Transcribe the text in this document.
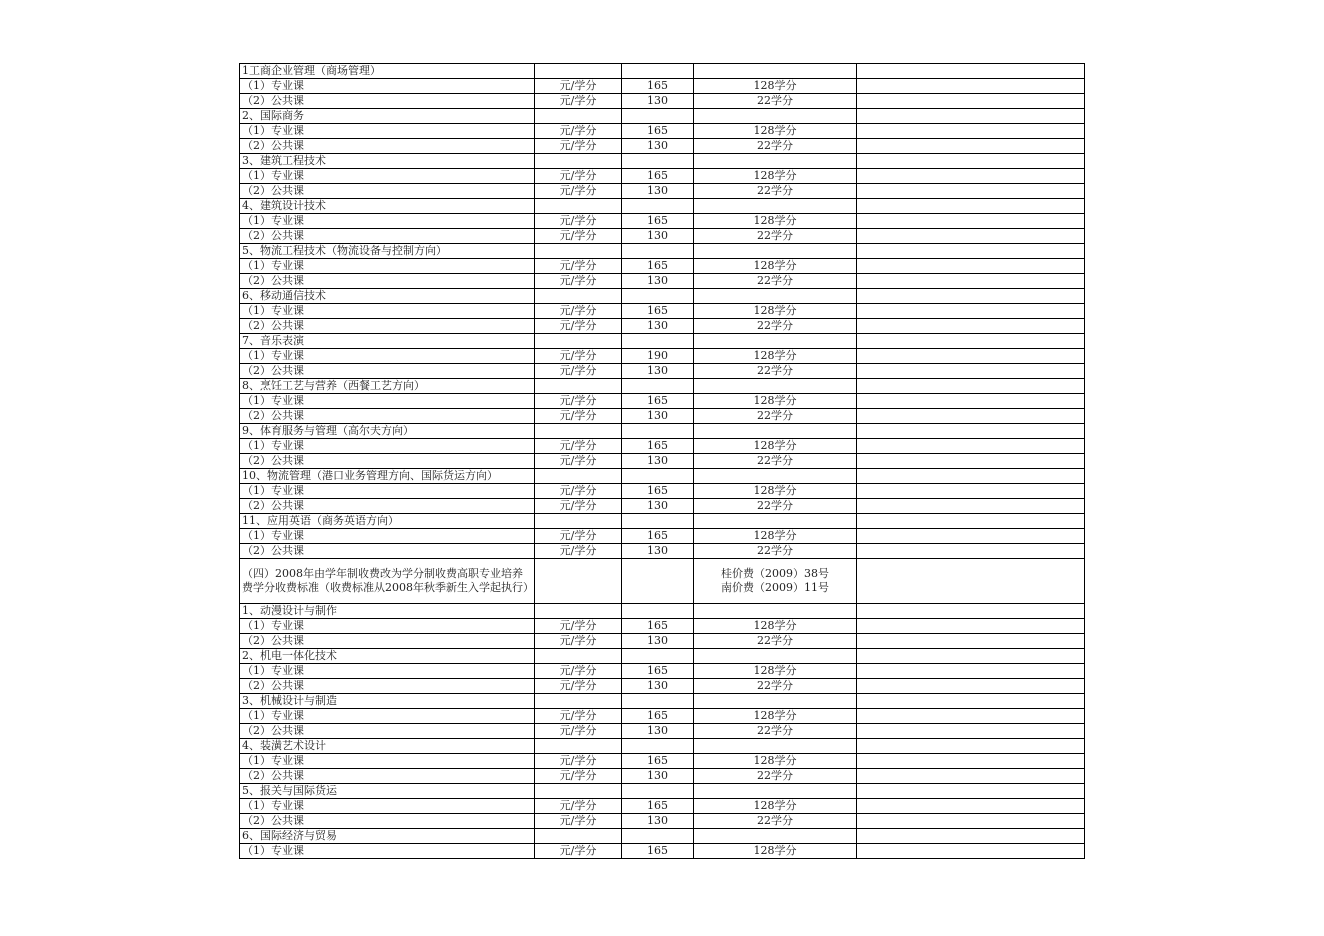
1工商企业管理（商场管理）				
（1）专业课	元/学分	165	128学分	
（2）公共课	元/学分	130	22学分	
2、国际商务				
（1）专业课	元/学分	165	128学分	
（2）公共课	元/学分	130	22学分	
3、建筑工程技术				
（1）专业课	元/学分	165	128学分	
（2）公共课	元/学分	130	22学分	
4、建筑设计技术				
（1）专业课	元/学分	165	128学分	
（2）公共课	元/学分	130	22学分	
5、物流工程技术（物流设备与控制方向）				
（1）专业课	元/学分	165	128学分	
（2）公共课	元/学分	130	22学分	
6、移动通信技术				
（1）专业课	元/学分	165	128学分	
（2）公共课	元/学分	130	22学分	
7、音乐表演				
（1）专业课	元/学分	190	128学分	
（2）公共课	元/学分	130	22学分	
8、烹饪工艺与营养（西餐工艺方向）				
（1）专业课	元/学分	165	128学分	
（2）公共课	元/学分	130	22学分	
9、体育服务与管理（高尔夫方向）				
（1）专业课	元/学分	165	128学分	
（2）公共课	元/学分	130	22学分	
10、物流管理（港口业务管理方向、国际货运方向）				
（1）专业课	元/学分	165	128学分	
（2）公共课	元/学分	130	22学分	
11、应用英语（商务英语方向）				
（1）专业课	元/学分	165	128学分	
（2）公共课	元/学分	130	22学分	
（四）2008年由学年制收费改为学分制收费高职专业培养费学分收费标准（收费标准从2008年秋季新生入学起执行）			桂价费（2009）38号
南价费（2009）11号	

1、动漫设计与制作				
（1）专业课	元/学分	165	128学分	
（2）公共课	元/学分	130	22学分	
2、机电一体化技术				
（1）专业课	元/学分	165	128学分	
（2）公共课	元/学分	130	22学分	
3、机械设计与制造				
（1）专业课	元/学分	165	128学分	
（2）公共课	元/学分	130	22学分	
4、装潢艺术设计				
（1）专业课	元/学分	165	128学分	
（2）公共课	元/学分	130	22学分	
5、报关与国际货运				
（1）专业课	元/学分	165	128学分	
（2）公共课	元/学分	130	22学分	
6、国际经济与贸易				
（1）专业课	元/学分	165	128学分	
